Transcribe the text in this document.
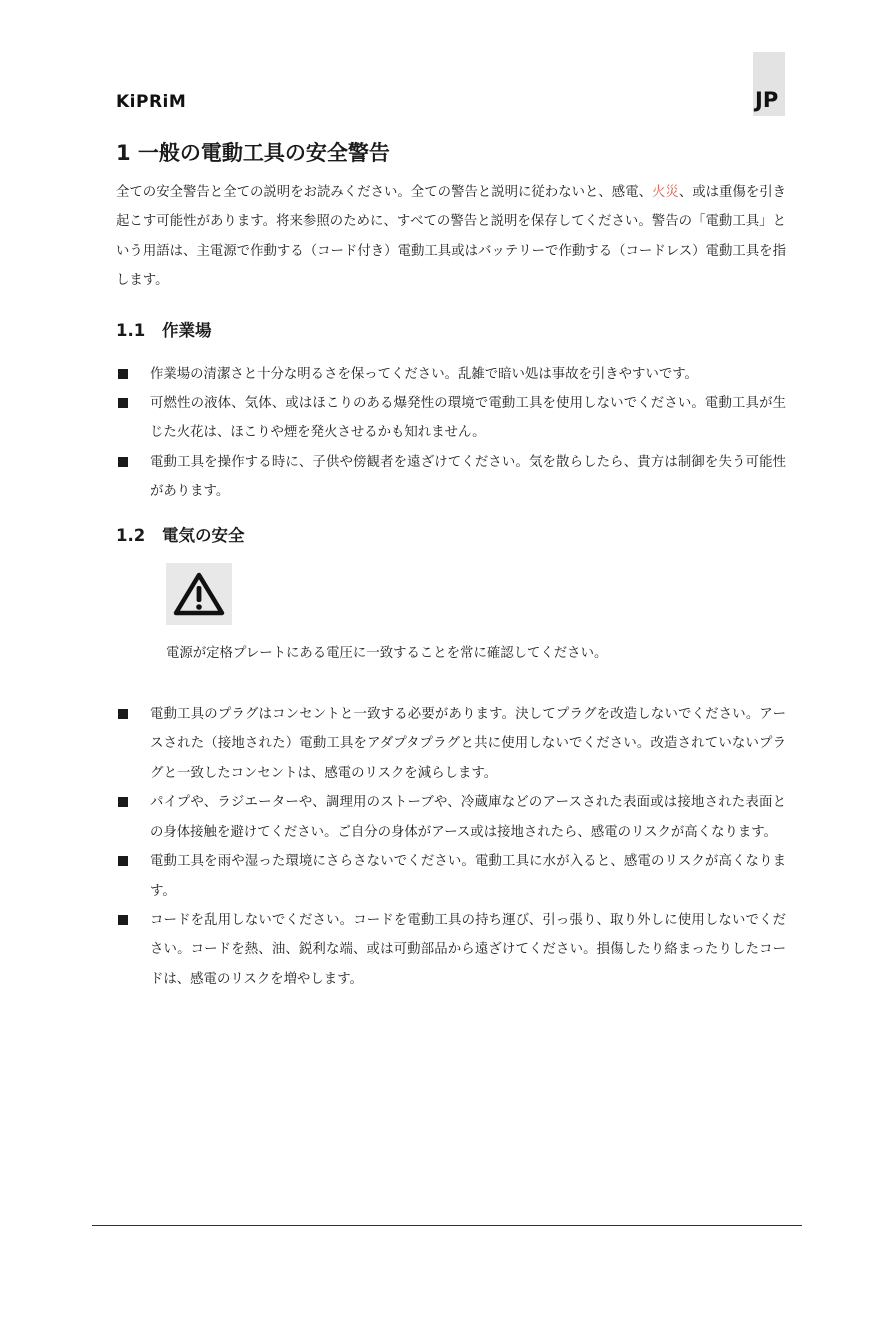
KiPRiM	JP
1 一般の電動工具の安全警告

全ての安全警告と全ての説明をお読みください。全ての警告と説明に従わないと、感電、火災、或は重傷を引き起こす可能性があります。将来参照のために、すべての警告と説明を保存してください。警告の「電動工具」という用語は、主電源で作動する（コード付き）電動工具或はバッテリーで作動する（コードレス）電動工具を指します。

1.1 作業場
作業場の清潔さと十分な明るさを保ってください。乱雑で暗い処は事故を引きやすいです。
可燃性の液体、気体、或はほこりのある爆発性の環境で電動工具を使用しないでください。電動工具が生じた火花は、ほこりや煙を発火させるかも知れません。
電動工具を操作する時に、子供や傍観者を遠ざけてください。気を散らしたら、貴方は制御を失う可能性があります。
1.2 電気の安全
電源が定格プレートにある電圧に一致することを常に確認してください。
電動工具のプラグはコンセントと一致する必要があります。決してプラグを改造しないでください。アースされた（接地された）電動工具をアダプタプラグと共に使用しないでください。改造されていないプラグと一致したコンセントは、感電のリスクを減らします。
パイプや、ラジエーターや、調理用のストーブや、冷蔵庫などのアースされた表面或は接地された表面との身体接触を避けてください。ご自分の身体がアース或は接地されたら、感電のリスクが高くなります。
電動工具を雨や湿った環境にさらさないでください。電動工具に水が入ると、感電のリスクが高くなります。
コードを乱用しないでください。コードを電動工具の持ち運び、引っ張り、取り外しに使用しないでください。コードを熱、油、鋭利な端、或は可動部品から遠ざけてください。損傷したり絡まったりしたコードは、感電のリスクを増やします。
